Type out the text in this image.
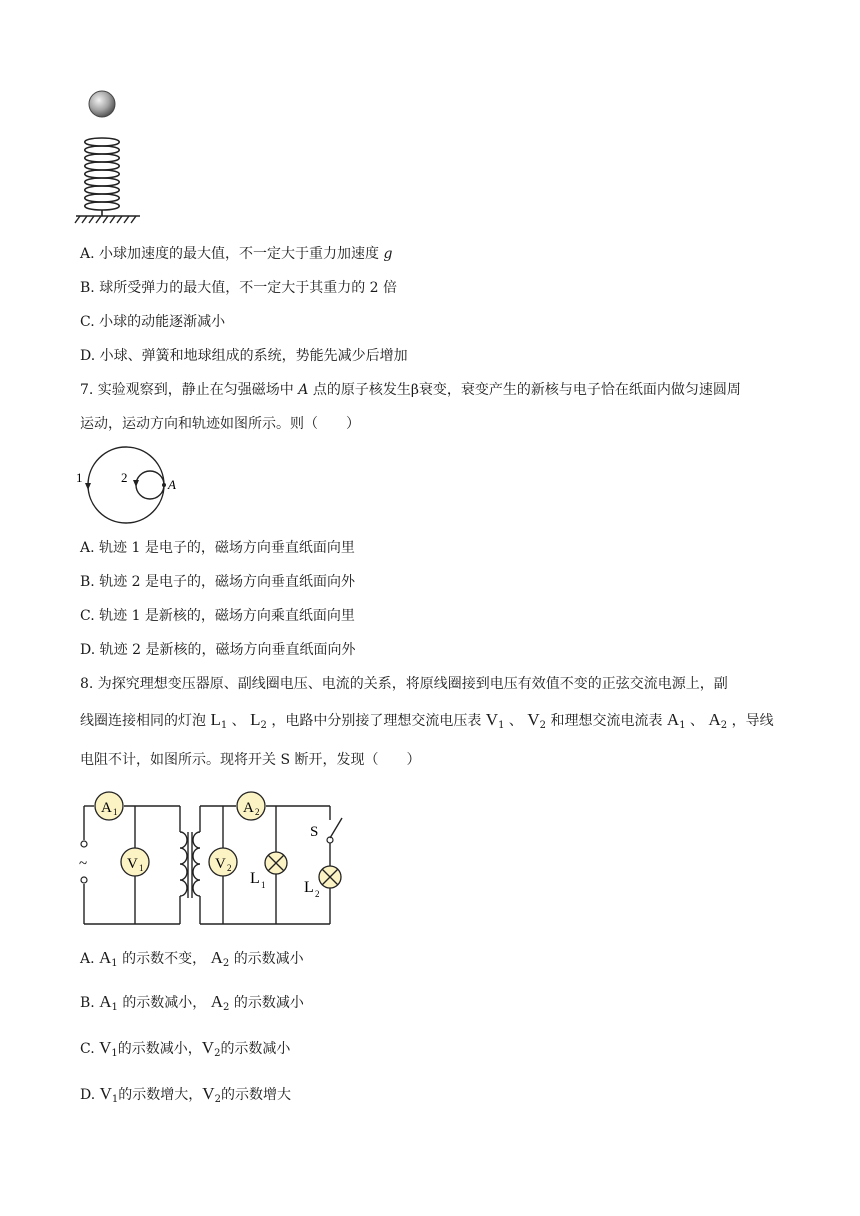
A. 小球加速度的最大值，不一定大于重力加速度 g
B. 球所受弹力的最大值，不一定大于其重力的 2 倍
C. 小球的动能逐渐减小
D. 小球、弹簧和地球组成的系统，势能先减少后增加
7. 实验观察到，静止在匀强磁场中 A 点的原子核发生β衰变，衰变产生的新核与电子恰在纸面内做匀速圆周
运动，运动方向和轨迹如图所示。则（　　）
1	2	A
A. 轨迹 1 是电子的，磁场方向垂直纸面向里
B. 轨迹 2 是电子的，磁场方向垂直纸面向外
C. 轨迹 1 是新核的，磁场方向乘直纸面向里
D. 轨迹 2 是新核的，磁场方向垂直纸面向外
8. 为探究理想变压器原、副线圈电压、电流的关系，将原线圈接到电压有效值不变的正弦交流电源上，副
线圈连接相同的灯泡 $L_1$ 、 $L_2$ ，电路中分别接了理想交流电压表 $V_1$ 、 $V_2$ 和理想交流电流表 $A_1$ 、 $A_2$ ，导线
电阻不计，如图所示。现将开关 S 断开，发现（　　）
~
A 1
V 1
A 2
V 2
L 1 L 2
S
A. $A_1$ 的示数不变， $A_2$ 的示数减小
B. $A_1$ 的示数减小， $A_2$ 的示数减小
C. $V_1$的示数减小，$V_2$的示数减小
D. $V_1$的示数增大，$V_2$的示数增大
